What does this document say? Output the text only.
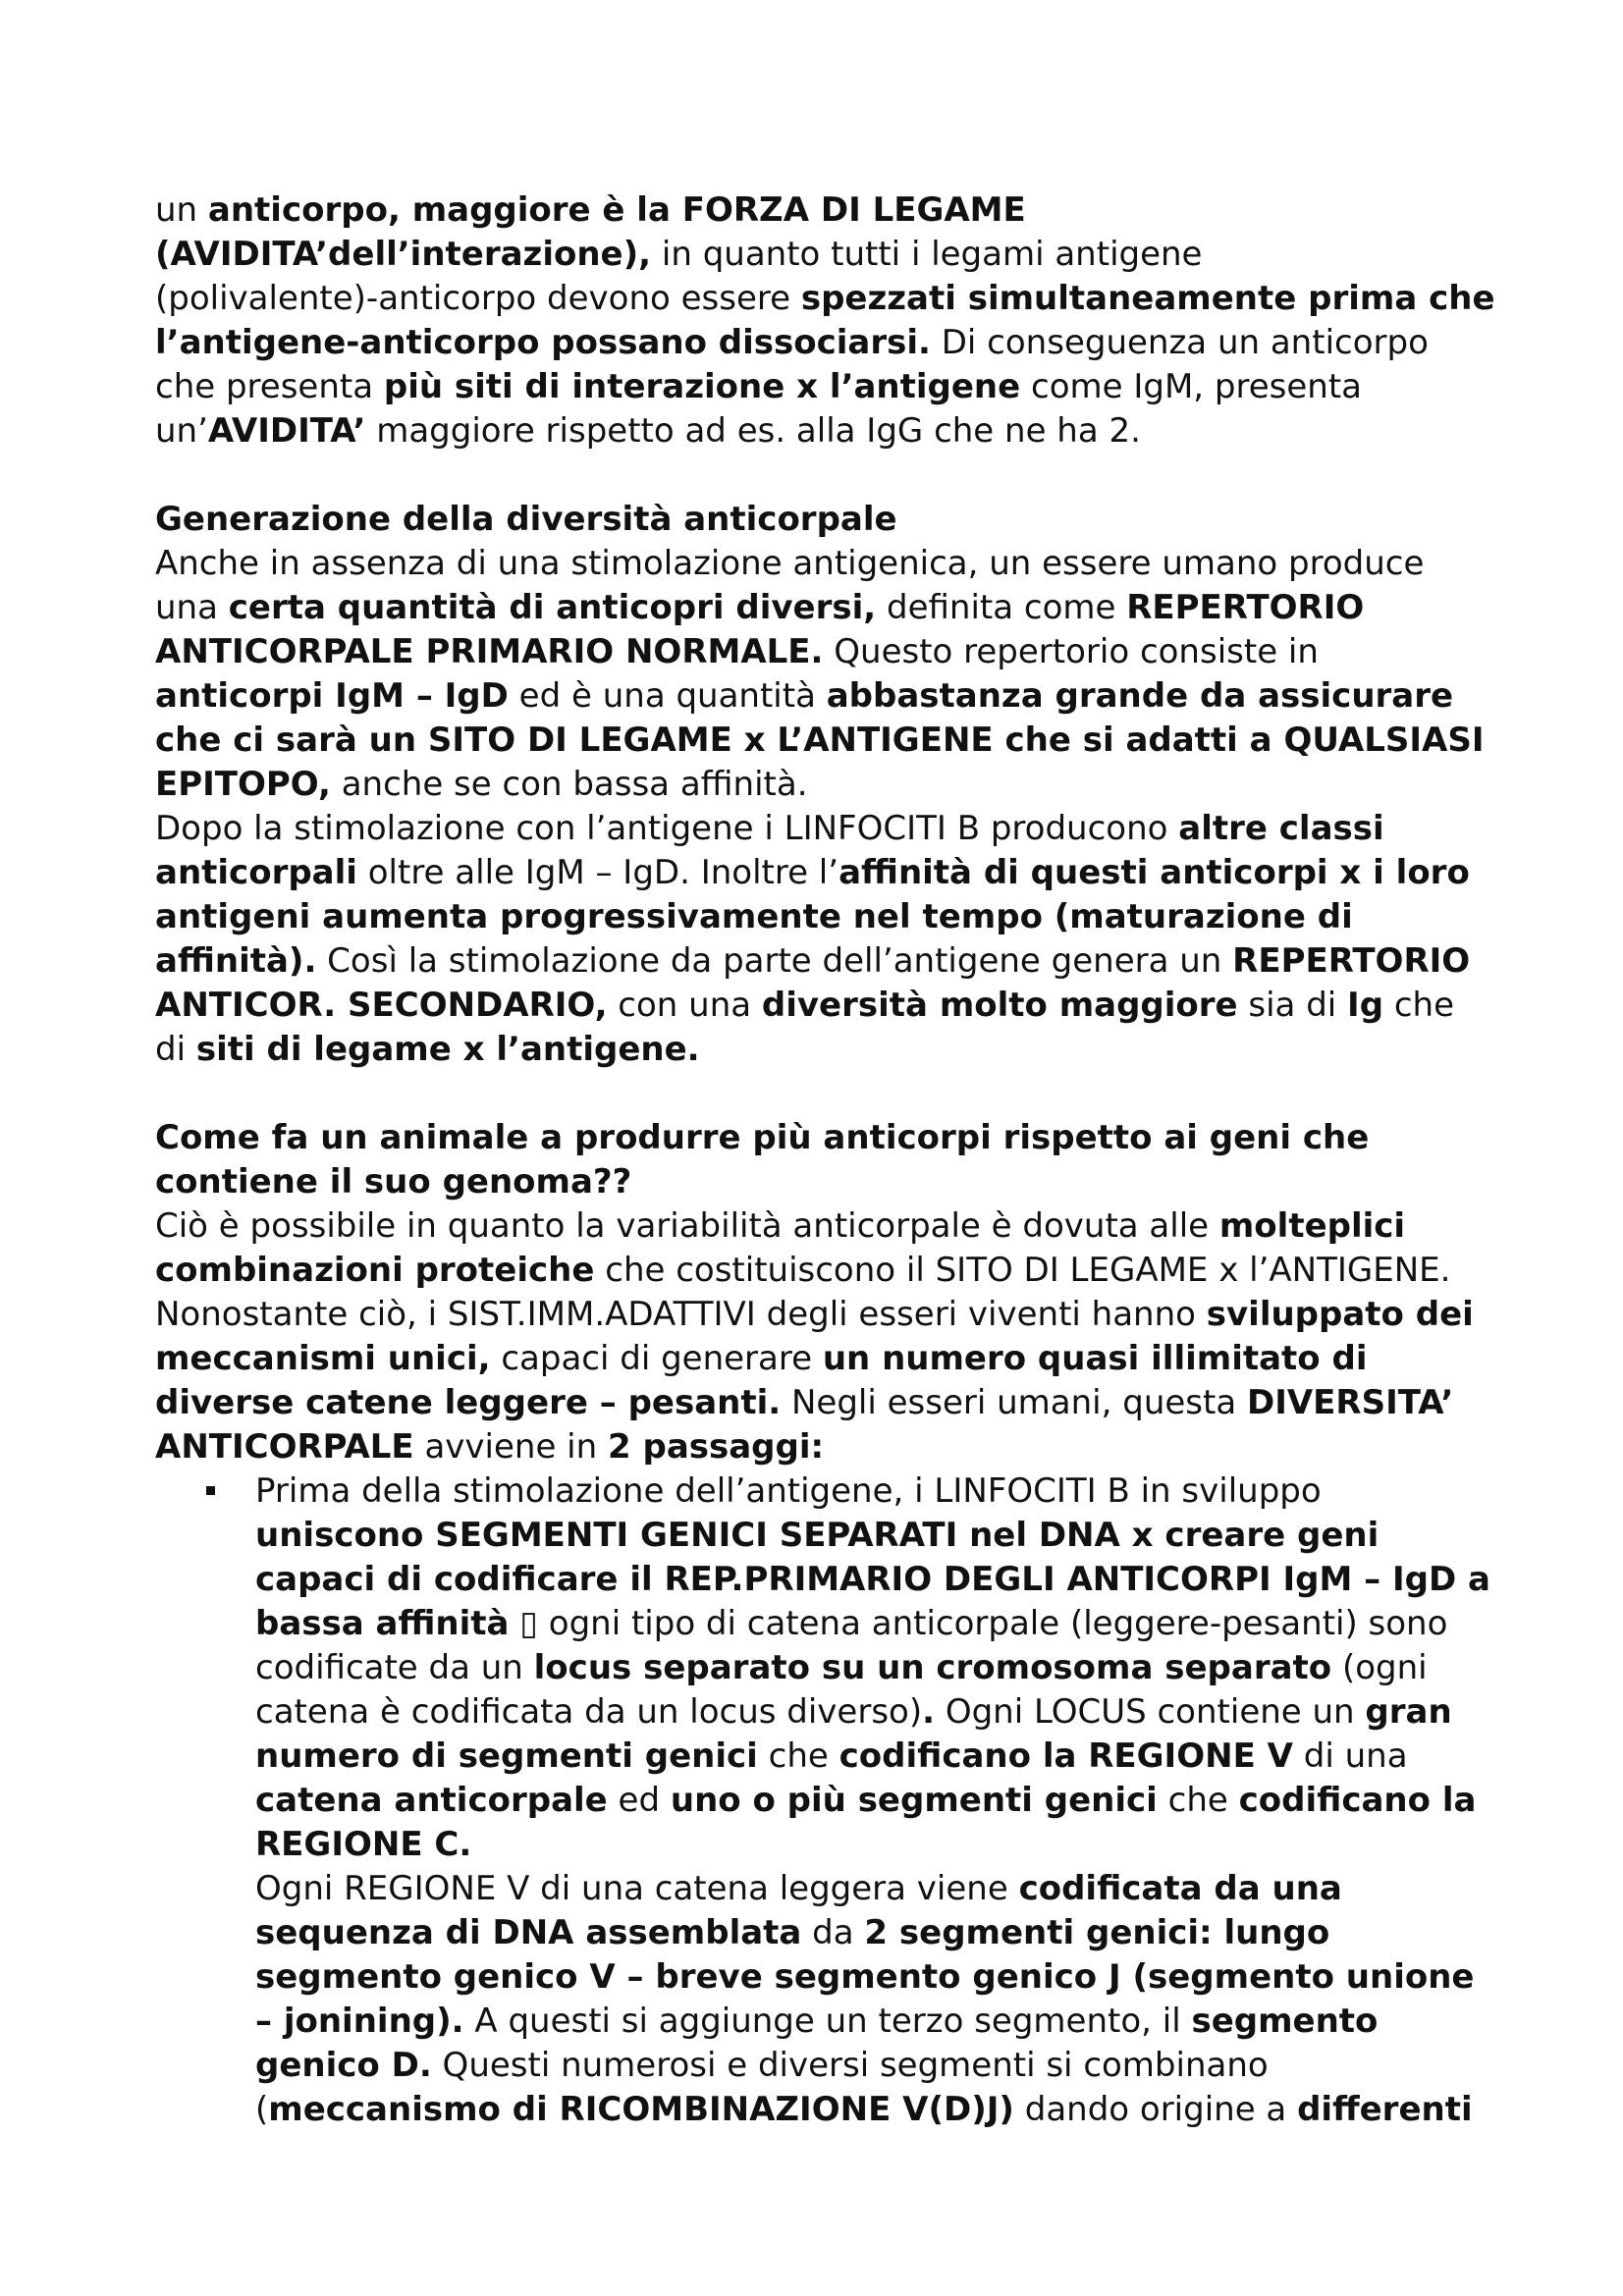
un anticorpo, maggiore è la FORZA DI LEGAME
(AVIDITA’dell’interazione), in quanto tutti i legami antigene
(polivalente)-anticorpo devono essere spezzati simultaneamente prima che
l’antigene-anticorpo possano dissociarsi. Di conseguenza un anticorpo
che presenta più siti di interazione x l’antigene come IgM, presenta
un’AVIDITA’ maggiore rispetto ad es. alla IgG che ne ha 2.
Generazione della diversità anticorpale
Anche in assenza di una stimolazione antigenica, un essere umano produce
una certa quantità di anticopri diversi, definita come REPERTORIO
ANTICORPALE PRIMARIO NORMALE. Questo repertorio consiste in
anticorpi IgM – IgD ed è una quantità abbastanza grande da assicurare
che ci sarà un SITO DI LEGAME x L’ANTIGENE che si adatti a QUALSIASI
EPITOPO, anche se con bassa affinità.
Dopo la stimolazione con l’antigene i LINFOCITI B producono altre classi
anticorpali oltre alle IgM – IgD. Inoltre l’affinità di questi anticorpi x i loro
antigeni aumenta progressivamente nel tempo (maturazione di
affinità). Così la stimolazione da parte dell’antigene genera un REPERTORIO
ANTICOR. SECONDARIO, con una diversità molto maggiore sia di Ig che
di siti di legame x l’antigene.
Come fa un animale a produrre più anticorpi rispetto ai geni che
contiene il suo genoma??
Ciò è possibile in quanto la variabilità anticorpale è dovuta alle molteplici
combinazioni proteiche che costituiscono il SITO DI LEGAME x l’ANTIGENE.
Nonostante ciò, i SIST.IMM.ADATTIVI degli esseri viventi hanno sviluppato dei
meccanismi unici, capaci di generare un numero quasi illimitato di
diverse catene leggere – pesanti. Negli esseri umani, questa DIVERSITA’
ANTICORPALE avviene in 2 passaggi:
Prima della stimolazione dell’antigene, i LINFOCITI B in sviluppo
uniscono SEGMENTI GENICI SEPARATI nel DNA x creare geni
capaci di codificare il REP.PRIMARIO DEGLI ANTICORPI IgM – IgD a
bassa affinità ▯ ogni tipo di catena anticorpale (leggere-pesanti) sono
codificate da un locus separato su un cromosoma separato (ogni
catena è codificata da un locus diverso). Ogni LOCUS contiene un gran
numero di segmenti genici che codificano la REGIONE V di una
catena anticorpale ed uno o più segmenti genici che codificano la
REGIONE C.
Ogni REGIONE V di una catena leggera viene codificata da una
sequenza di DNA assemblata da 2 segmenti genici: lungo
segmento genico V – breve segmento genico J (segmento unione
– jonining). A questi si aggiunge un terzo segmento, il segmento
genico D. Questi numerosi e diversi segmenti si combinano
(meccanismo di RICOMBINAZIONE V(D)J) dando origine a differenti
